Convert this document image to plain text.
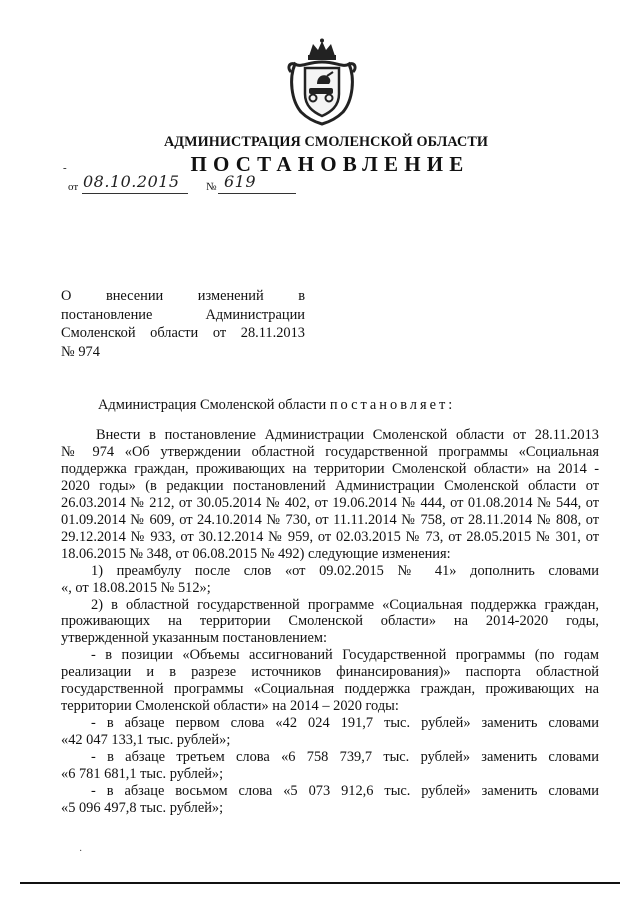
АДМИНИСТРАЦИЯ СМОЛЕНСКОЙ ОБЛАСТИ
ПОСТАНОВЛЕНИЕ
-
от 08.10.2015 № 619
О внесении изменений в
постановление Администрации
Смоленской области от 28.11.2013
№ 974
Администрация Смоленской области постановляет:
Внести в постановление Администрации Смоленской области от 28.11.2013
№ 974 «Об утверждении областной государственной программы «Социальная
поддержка граждан, проживающих на территории Смоленской области» на 2014 -
2020 годы» (в редакции постановлений Администрации Смоленской области от
26.03.2014 № 212, от 30.05.2014 № 402, от 19.06.2014 № 444, от 01.08.2014 № 544, от
01.09.2014 № 609, от 24.10.2014 № 730, от 11.11.2014 № 758, от 28.11.2014 № 808, от
29.12.2014 № 933, от 30.12.2014 № 959, от 02.03.2015 № 73, от 28.05.2015 № 301, от
18.06.2015 № 348, от 06.08.2015 № 492) следующие изменения:
1) преамбулу после слов «от 09.02.2015 № 41» дополнить словами
«, от 18.08.2015 № 512»;
2) в областной государственной программе «Социальная поддержка граждан,
проживающих на территории Смоленской области» на 2014-2020 годы,
утвержденной указанным постановлением:
- в позиции «Объемы ассигнований Государственной программы (по годам
реализации и в разрезе источников финансирования)» паспорта областной
государственной программы «Социальная поддержка граждан, проживающих на
территории Смоленской области» на 2014 – 2020 годы:
- в абзаце первом слова «42 024 191,7 тыс. рублей» заменить словами
«42 047 133,1 тыс. рублей»;
- в абзаце третьем слова «6 758 739,7 тыс. рублей» заменить словами
«6 781 681,1 тыс. рублей»;
- в абзаце восьмом слова «5 073 912,6 тыс. рублей» заменить словами
«5 096 497,8 тыс. рублей»;
·
